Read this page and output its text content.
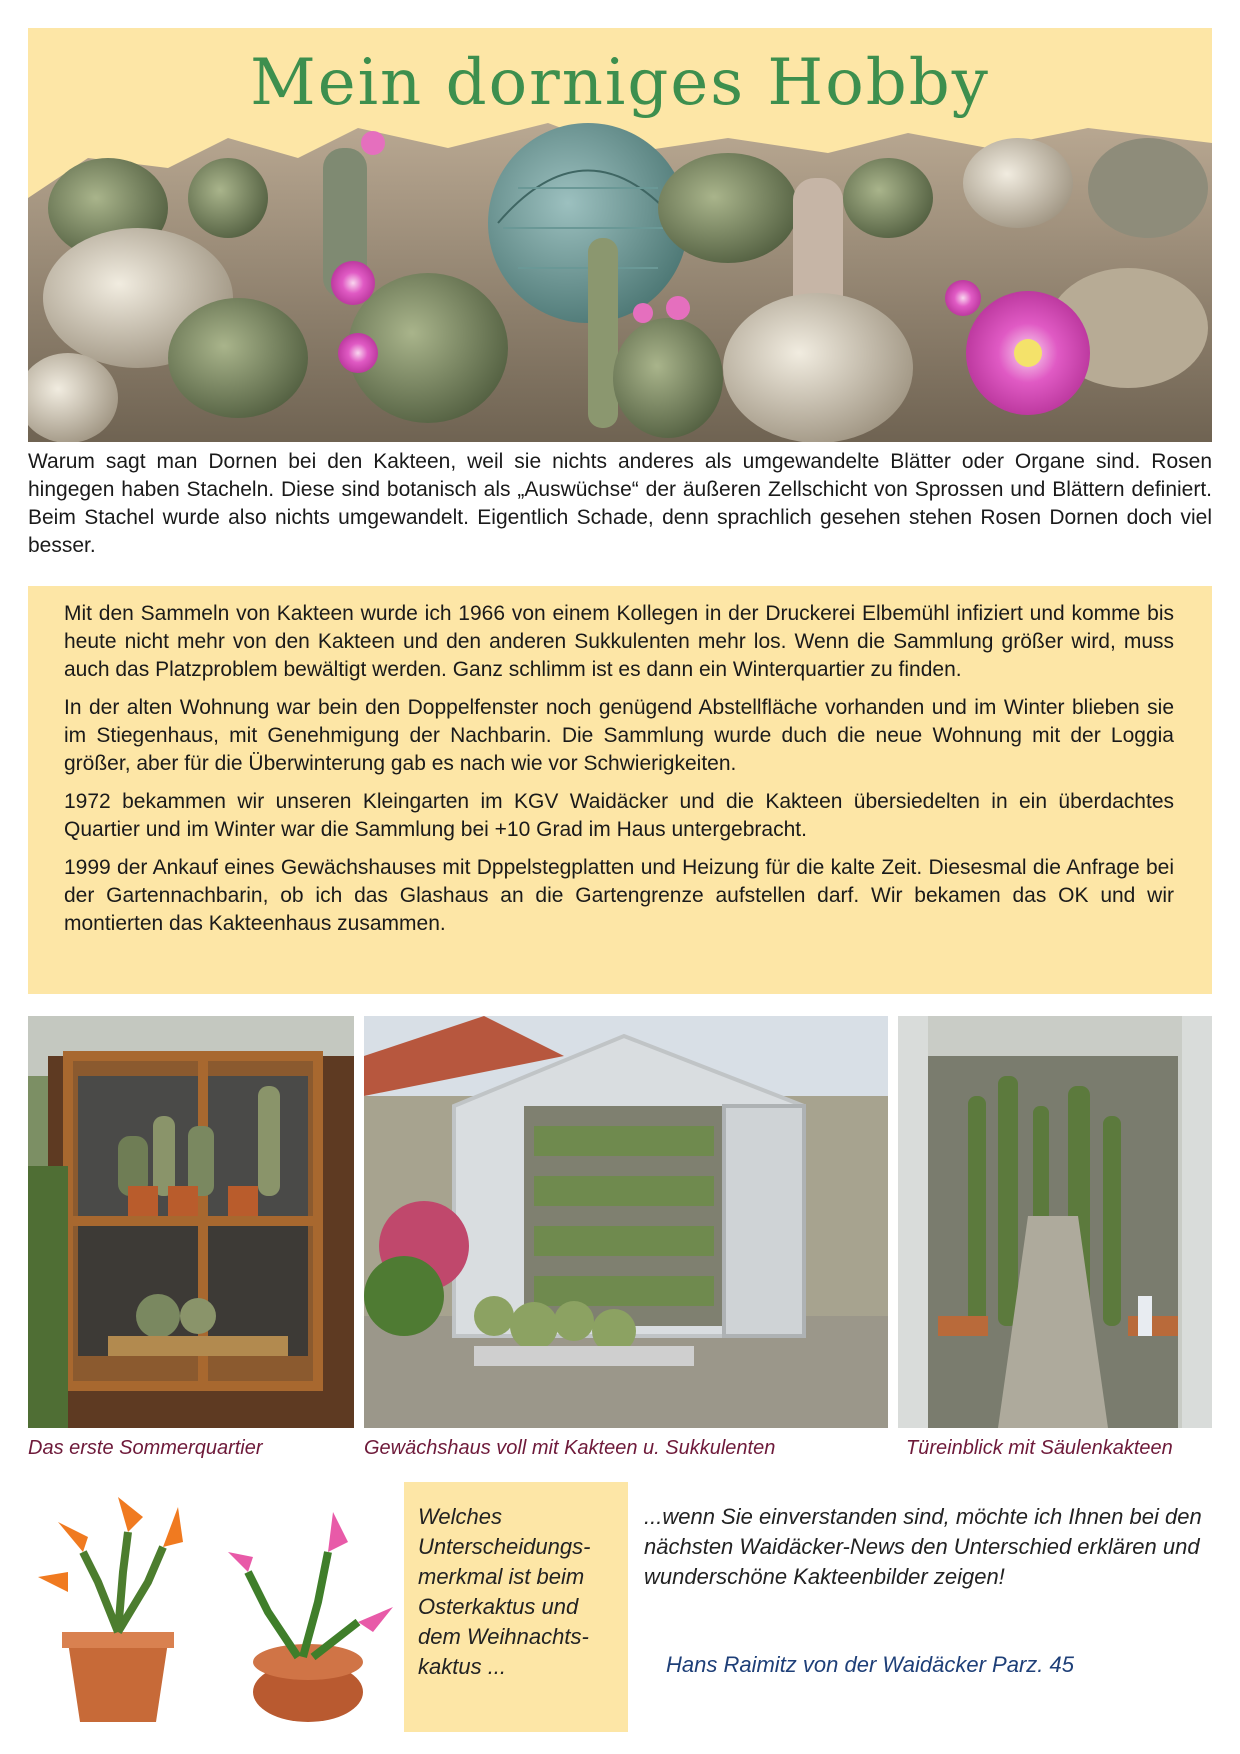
Mein dorniges Hobby

Warum sagt man Dornen bei den Kakteen, weil sie nichts anderes als umgewandelte Blätter oder Organe sind. Rosen hingegen haben Stacheln. Diese sind botanisch als „Auswüchse“ der äußeren Zellschicht von Sprossen und Blättern definiert. Beim Stachel wurde also nichts umgewandelt. Eigentlich Schade, denn sprachlich gesehen stehen Rosen Dornen doch viel besser.

Mit den Sammeln von Kakteen wurde ich 1966 von einem Kollegen in der Druckerei Elbemühl infiziert und komme bis heute nicht mehr von den Kakteen und den anderen Sukkulenten mehr los. Wenn die Sammlung größer wird, muss auch das Platzproblem bewältigt werden. Ganz schlimm ist es dann ein Winterquartier zu finden.

In der alten Wohnung war bein den Doppelfenster noch genügend Abstellfläche vorhanden und im Winter blieben sie im Stiegenhaus, mit Genehmigung der Nachbarin. Die Sammlung wurde duch die neue Wohnung mit der Loggia größer, aber für die Überwinterung gab es nach wie vor Schwierigkeiten.

1972 bekammen wir unseren Kleingarten im KGV Waidäcker und die Kakteen übersiedelten in ein überdachtes Quartier und im Winter war die Sammlung bei +10 Grad im Haus untergebracht.

1999 der Ankauf eines Gewächshauses mit Dppelstegplatten und Heizung für die kalte Zeit. Diesesmal die Anfrage bei der Gartennachbarin, ob ich das Glashaus an die Gartengrenze aufstellen darf. Wir bekamen das OK und wir montierten das Kakteenhaus zusammen.

Das erste Sommerquartier	Gewächshaus voll mit Kakteen u. Sukkulenten	Türeinblick mit Säulenkakteen

Welches Unterscheidungs-merkmal ist beim Osterkaktus und dem Weihnachts-kaktus ...

...wenn Sie einverstanden sind, möchte ich Ihnen bei den nächsten Waidäcker-News den Unterschied erklären und wunderschöne Kakteenbilder zeigen!

Hans Raimitz von der Waidäcker Parz. 45
